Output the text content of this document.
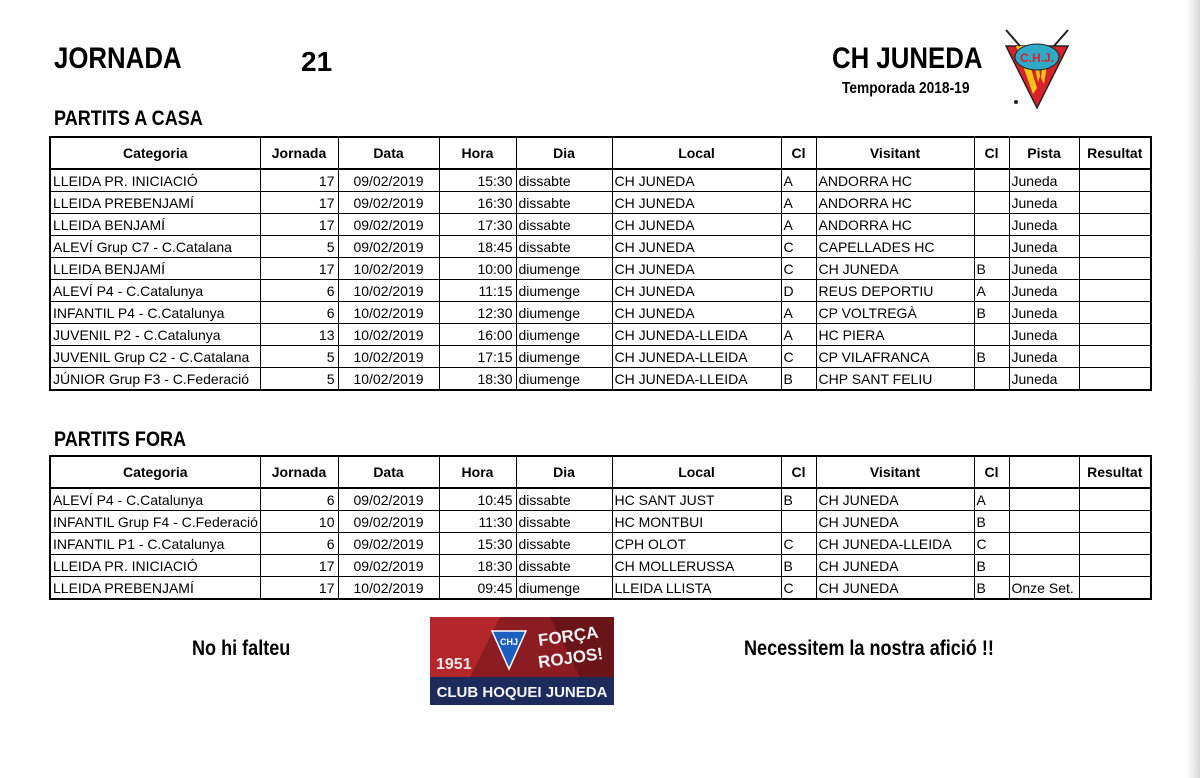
JORNADA	21	CH JUNEDA
Temporada 2018-19
C.H.J.
PARTITS A CASA
Categoria	Jornada	Data	Hora	Dia	Local	Cl	Visitant	Cl	Pista	Resultat
LLEIDA PR. INICIACIÓ	17	09/02/2019	15:30	dissabte	CH JUNEDA	A	ANDORRA HC		Juneda	
LLEIDA PREBENJAMÍ	17	09/02/2019	16:30	dissabte	CH JUNEDA	A	ANDORRA HC		Juneda	
LLEIDA BENJAMÍ	17	09/02/2019	17:30	dissabte	CH JUNEDA	A	ANDORRA HC		Juneda	
ALEVÍ Grup C7 - C.Catalana	5	09/02/2019	18:45	dissabte	CH JUNEDA	C	CAPELLADES HC		Juneda	
LLEIDA BENJAMÍ	17	10/02/2019	10:00	diumenge	CH JUNEDA	C	CH JUNEDA	B	Juneda	
ALEVÍ P4 - C.Catalunya	6	10/02/2019	11:15	diumenge	CH JUNEDA	D	REUS DEPORTIU	A	Juneda	
INFANTIL P4 - C.Catalunya	6	10/02/2019	12:30	diumenge	CH JUNEDA	A	CP VOLTREGÀ	B	Juneda	
JUVENIL P2 - C.Catalunya	13	10/02/2019	16:00	diumenge	CH JUNEDA-LLEIDA	A	HC PIERA		Juneda	
JUVENIL Grup C2 - C.Catalana	5	10/02/2019	17:15	diumenge	CH JUNEDA-LLEIDA	C	CP VILAFRANCA	B	Juneda	
JÚNIOR Grup F3 - C.Federació	5	10/02/2019	18:30	diumenge	CH JUNEDA-LLEIDA	B	CHP SANT FELIU		Juneda	
PARTITS FORA
Categoria	Jornada	Data	Hora	Dia	Local	Cl	Visitant	Cl		Resultat
ALEVÍ P4 - C.Catalunya	6	09/02/2019	10:45	dissabte	HC SANT JUST	B	CH JUNEDA	A		
INFANTIL Grup F4 - C.Federació	10	09/02/2019	11:30	dissabte	HC MONTBUI		CH JUNEDA	B		
INFANTIL P1 - C.Catalunya	6	09/02/2019	15:30	dissabte	CPH OLOT	C	CH JUNEDA-LLEIDA	C		
LLEIDA PR. INICIACIÓ	17	09/02/2019	18:30	dissabte	CH MOLLERUSSA	B	CH JUNEDA	B		
LLEIDA PREBENJAMÍ	17	10/02/2019	09:45	diumenge	LLEIDA LLISTA	C	CH JUNEDA	B	Onze Set.	
No hi falteu	CHJ
1951
FORÇA
ROJOS!
CLUB HOQUEI JUNEDA
Necessitem la nostra afició !!
